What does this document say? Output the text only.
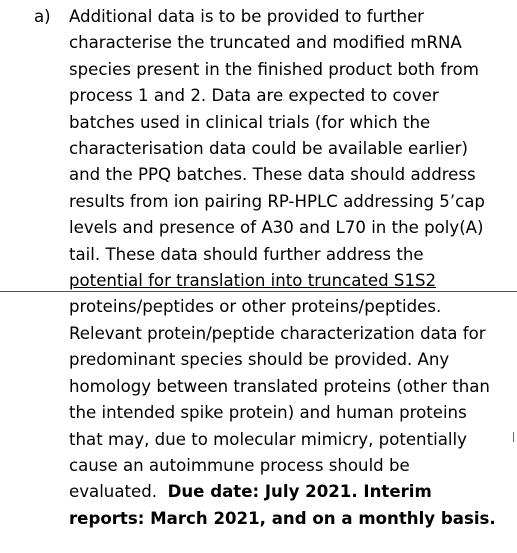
a) Additional data is to be provided to further
characterise the truncated and modified mRNA
species present in the finished product both from
process 1 and 2. Data are expected to cover
batches used in clinical trials (for which the
characterisation data could be available earlier)
and the PPQ batches. These data should address
results from ion pairing RP-HPLC addressing 5’cap
levels and presence of A30 and L70 in the poly(A)
tail. These data should further address the
potential for translation into truncated S1S2
proteins/peptides or other proteins/peptides.
Relevant protein/peptide characterization data for
predominant species should be provided. Any
homology between translated proteins (other than
the intended spike protein) and human proteins
that may, due to molecular mimicry, potentially
cause an autoimmune process should be
evaluated. Due date: July 2021. Interim
reports: March 2021, and on a monthly basis.
